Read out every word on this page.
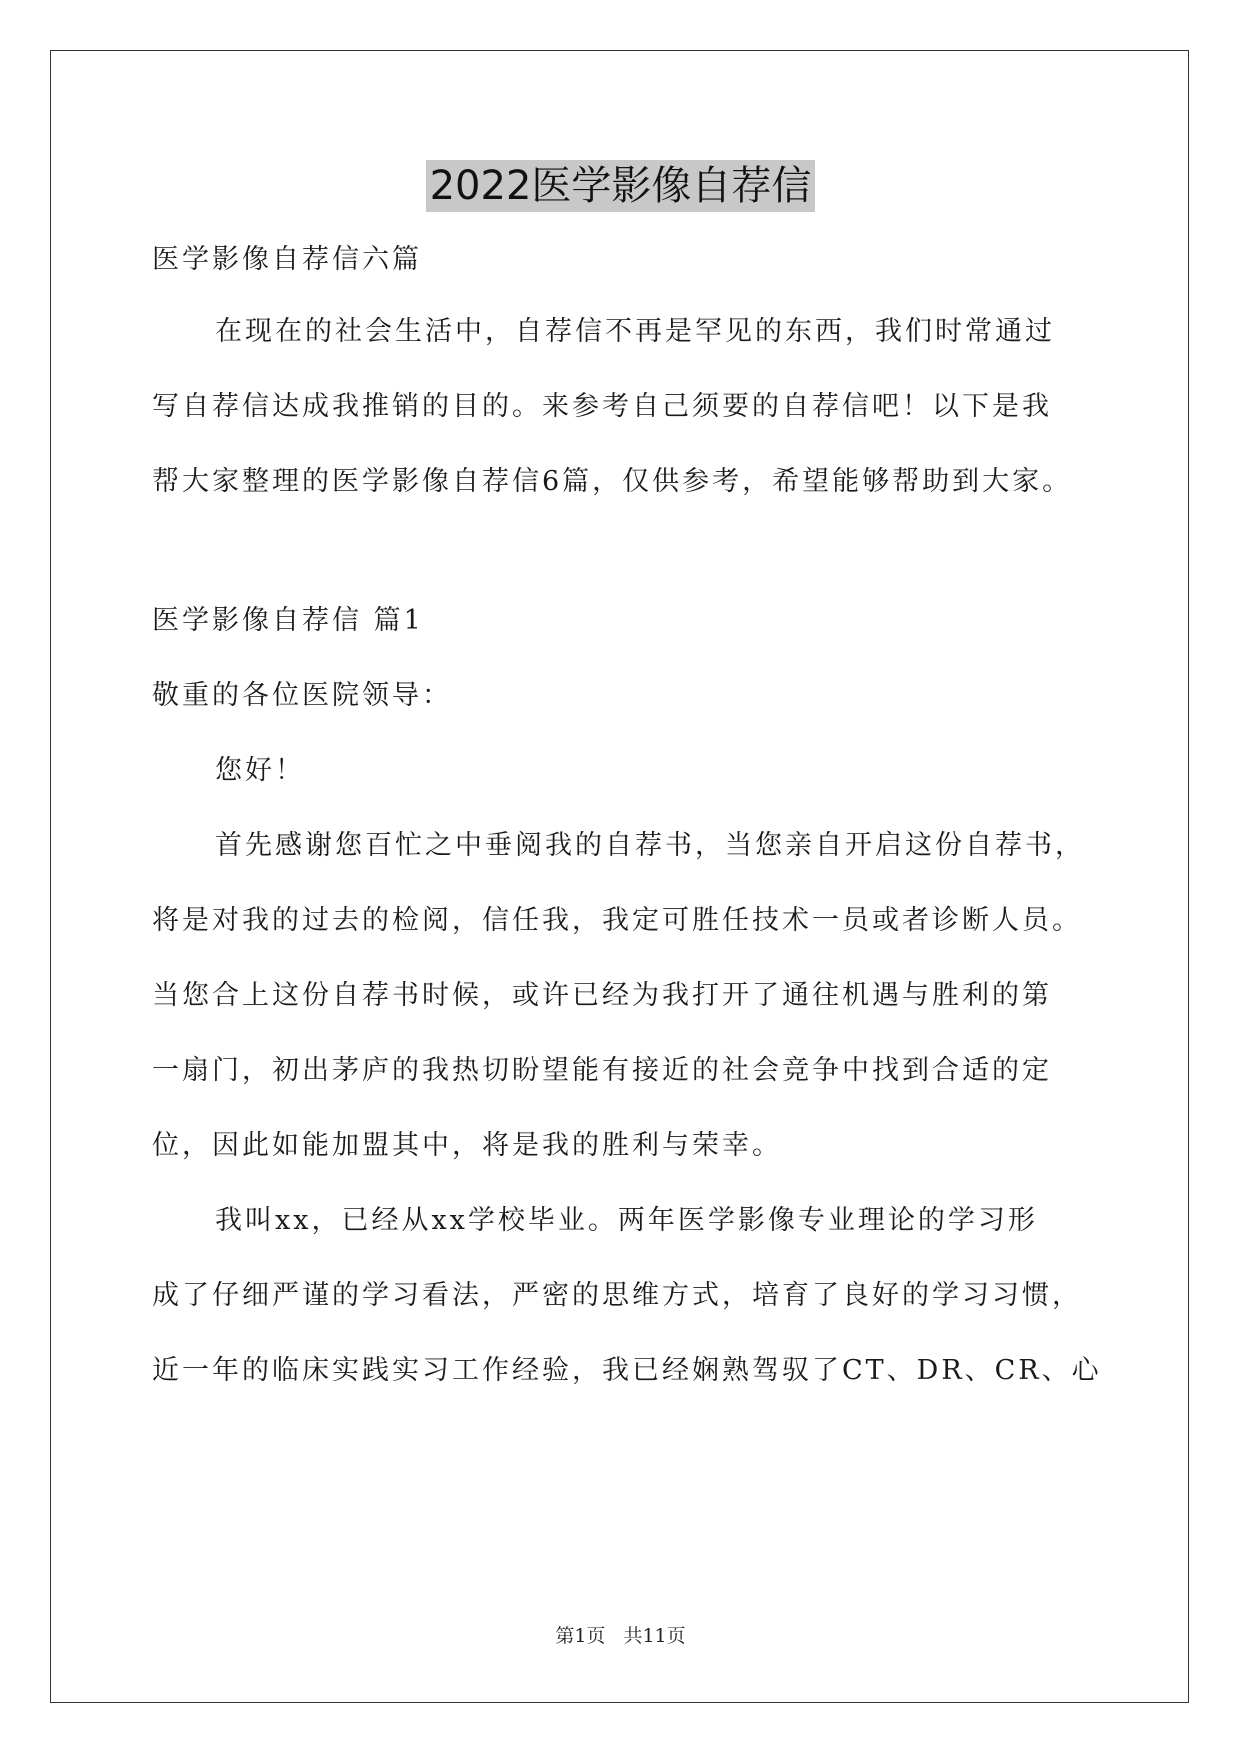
2022医学影像自荐信
医学影像自荐信六篇
在现在的社会生活中，自荐信不再是罕见的东西，我们时常通过
写自荐信达成我推销的目的。来参考自己须要的自荐信吧！以下是我
帮大家整理的医学影像自荐信6篇，仅供参考，希望能够帮助到大家。
医学影像自荐信 篇1
敬重的各位医院领导：
您好！
首先感谢您百忙之中垂阅我的自荐书，当您亲自开启这份自荐书，
将是对我的过去的检阅，信任我，我定可胜任技术一员或者诊断人员。
当您合上这份自荐书时候，或许已经为我打开了通往机遇与胜利的第
一扇门，初出茅庐的我热切盼望能有接近的社会竞争中找到合适的定
位，因此如能加盟其中，将是我的胜利与荣幸。
我叫xx，已经从xx学校毕业。两年医学影像专业理论的学习形
成了仔细严谨的学习看法，严密的思维方式，培育了良好的学习习惯，
近一年的临床实践实习工作经验，我已经娴熟驾驭了CT、DR、CR、心
第1页 共11页
